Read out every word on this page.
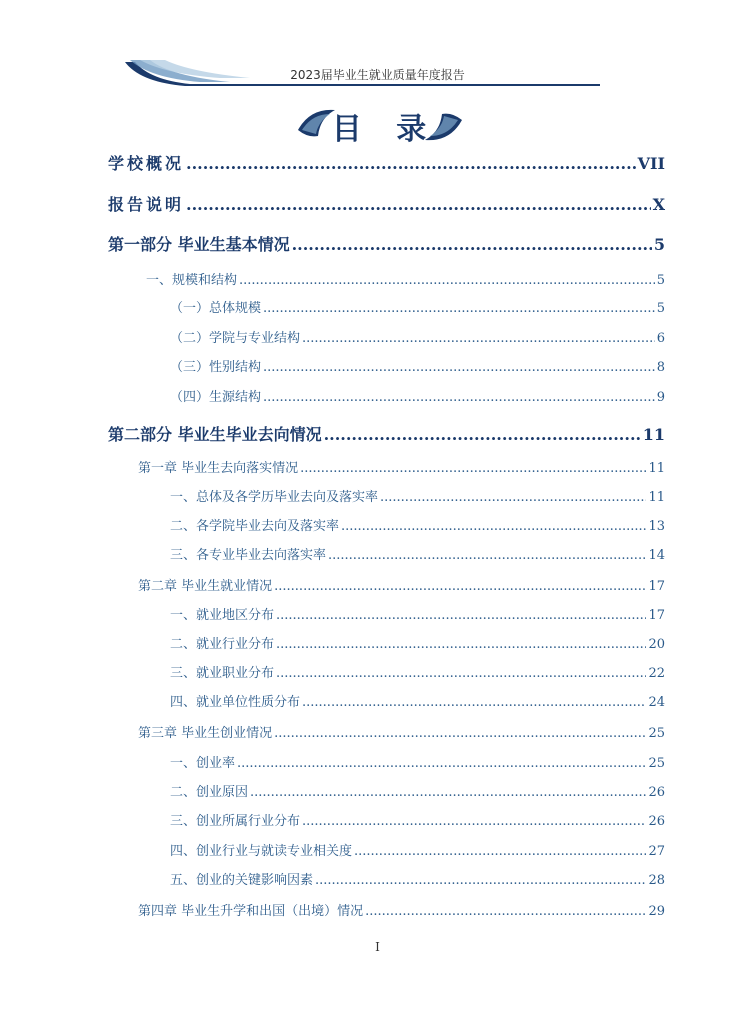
2023届毕业生就业质量年度报告
目 录
学校概况 .....	VII
报告说明 .....	X
第一部分 毕业生基本情况 .....	5
一、规模和结构 .....	5
（一）总体规模 .....	5
（二）学院与专业结构 .....	6
（三）性别结构 .....	8
（四）生源结构 .....	9
第二部分 毕业生毕业去向情况 .....	11
第一章 毕业生去向落实情况 .....	11
一、总体及各学历毕业去向及落实率 .....	11
二、各学院毕业去向及落实率 .....	13
三、各专业毕业去向落实率 .....	14
第二章 毕业生就业情况 .....	17
一、就业地区分布 .....	17
二、就业行业分布 .....	20
三、就业职业分布 .....	22
四、就业单位性质分布 .....	24
第三章 毕业生创业情况 .....	25
一、创业率 .....	25
二、创业原因 .....	26
三、创业所属行业分布 .....	26
四、创业行业与就读专业相关度 .....	27
五、创业的关键影响因素 .....	28
第四章 毕业生升学和出国（出境）情况 .....	29
I
